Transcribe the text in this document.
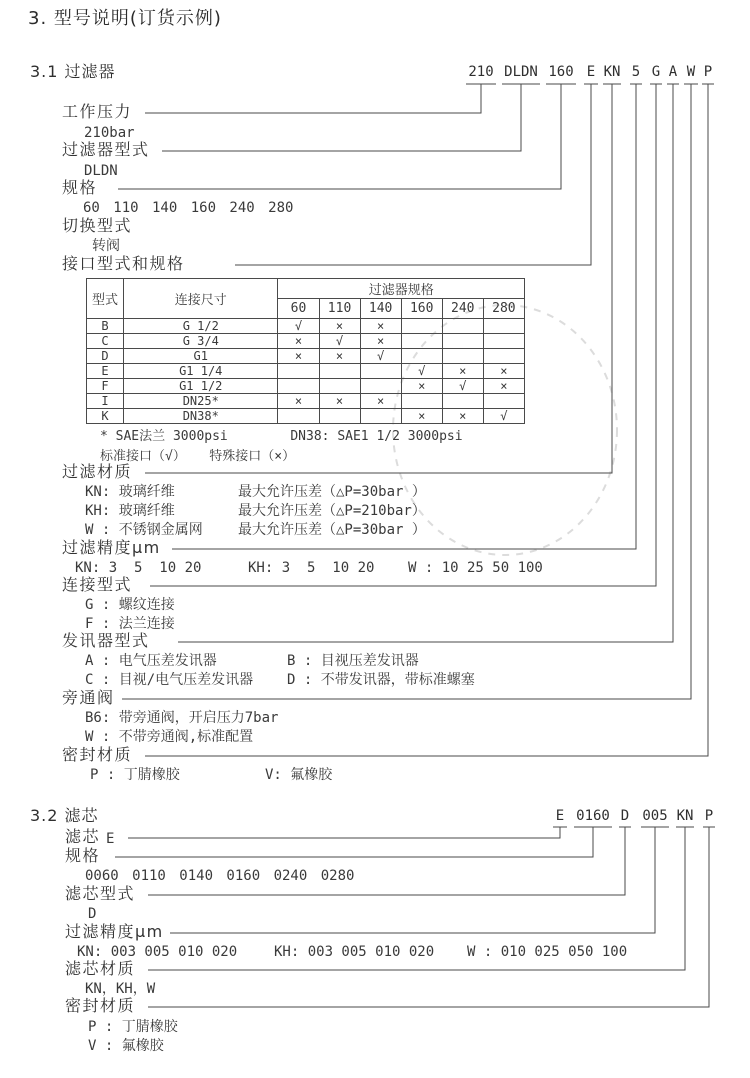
3. 型号说明(订货示例)
3.1 过滤器	210 DLDN 160 E KN 5 G A W P
工作压力
210bar
过滤器型式
DLDN
规格
60 110 140 160 240 280
切换型式
转阀
接口型式和规格
型式	连接尺寸	过滤器规格					
		60	110	140	160	240	280
B	G 1/2	√	×	×			
C	G 3/4	×	√	×			
D	G1	×	×	√			
E	G1 1/4				√	×	×
F	G1 1/2				×	√	×
I	DN25*	×	×	×			
K	DN38*				×	×	√
* SAE法兰 3000psi        DN38: SAE1 1/2 3000psi
标准接口（√）   特殊接口（×）
过滤材质
KN: 玻璃纤维	最大允许压差（△P=30bar ）
KH: 玻璃纤维	最大允许压差（△P=210bar）
W : 不锈钢金属网	最大允许压差（△P=30bar ）
过滤精度μm
KN: 3  5  10 20	KH: 3  5  10 20 W : 10 25 50 100
连接型式
G : 螺纹连接
F : 法兰连接
发讯器型式
A : 电气压差发讯器	B : 目视压差发讯器
C : 目视/电气压差发讯器 D : 不带发讯器，带标准螺塞
旁通阀
B6: 带旁通阀，开启压力7bar
W : 不带旁通阀,标准配置
密封材质
P : 丁腈橡胶	V: 氟橡胶
3.2 滤芯	E 0160 D 005 KN P
滤芯 E
规格
0060 0110 0140 0160 0240 0280
滤芯型式
D
过滤精度μm
KN: 003 005 010 020	KH: 003 005 010 020 W : 010 025 050 100
滤芯材质
KN，KH，W
密封材质
P : 丁腈橡胶
V : 氟橡胶
